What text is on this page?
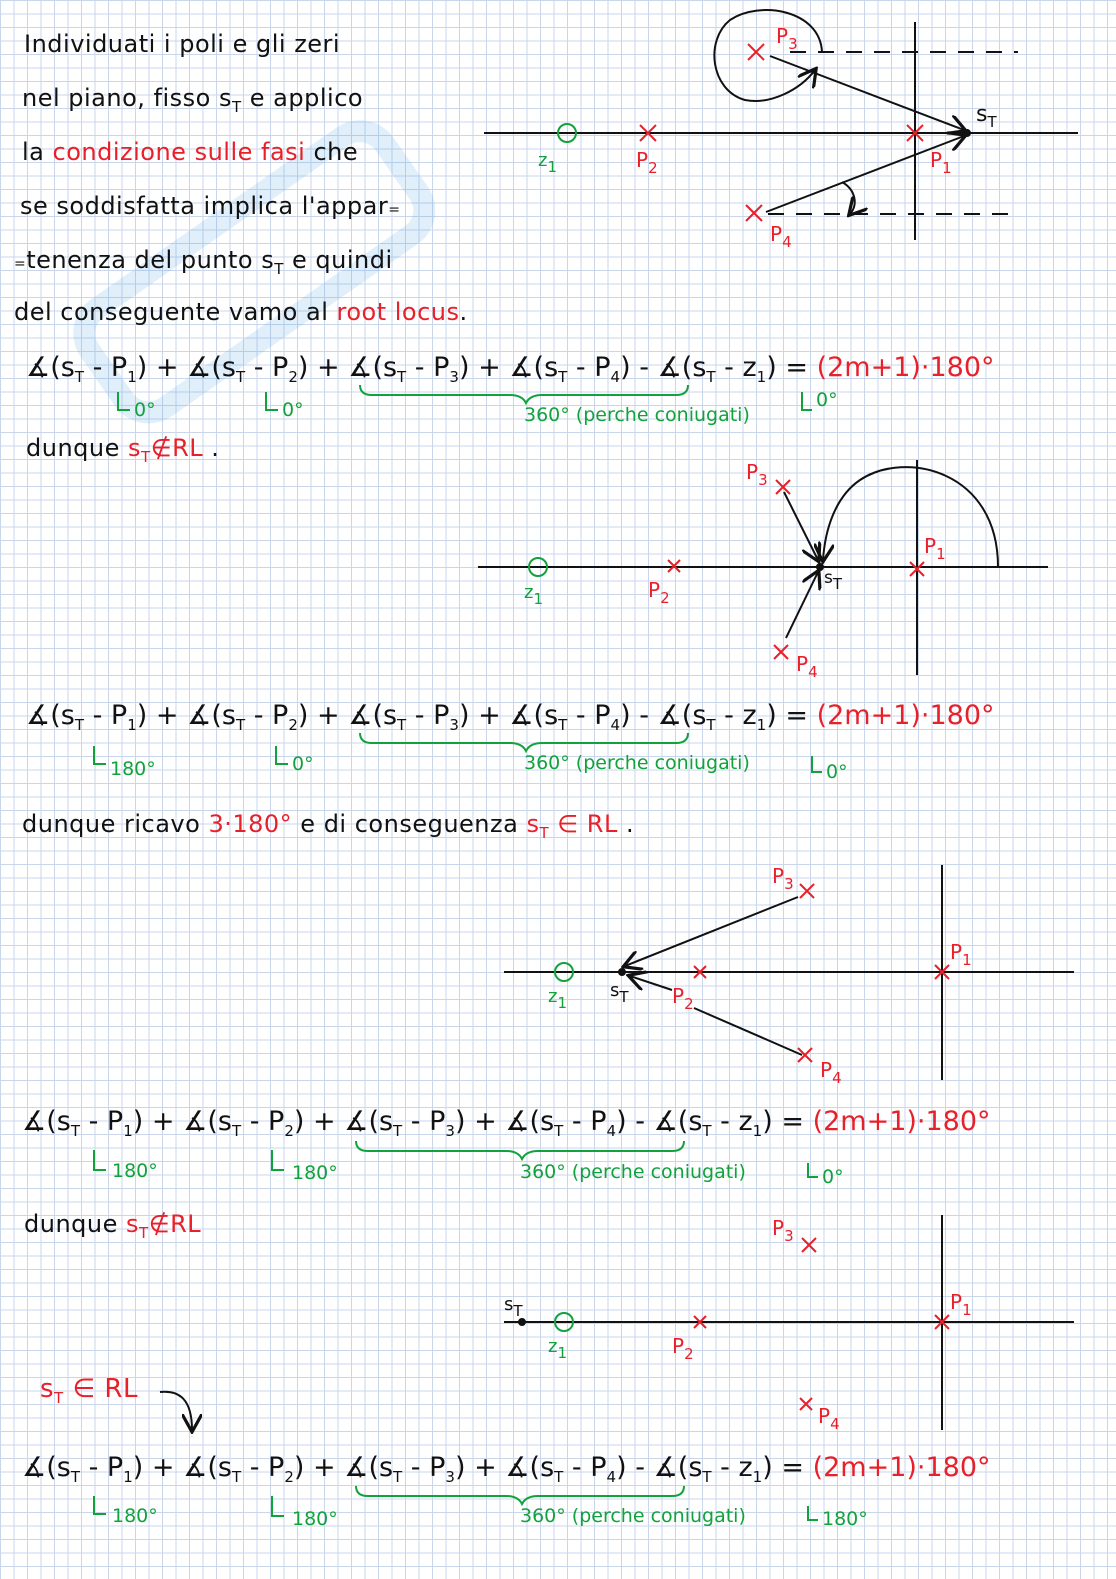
Individuati i poli e gli zeri
nel piano, fisso $s_T$ e applico
la condizione sulle fasi che
se soddisfatta implica l'appar=
=tenenza del punto $s_T$ e quindi
del conseguente vamo al root locus.
$P_3$
$s_T$
$z_1$	$P_2$	$P_1$
$P_4$
$P_3$
$P_1$
sT
$z_1$	$P_2$
$P_4$
$P_3$
$P_1$
$z_1$
$s_T$ $P_2$
$P_4$
$P_3$
$s_T$	$P_1$
$z_1$	$P_2$
$P_4$
$∡(s_T - P_1)$ + $∡(s_T - P_2)$ + $∡(s_T - P_3)$ + $∡(s_T - P_4)$ - $∡(s_T - z_1) = (2m+1)\cdot 180^\circ$
0°	0°	360° (perche coniugati)
0°
dunque $s_T\notin RL$ .
$∡(s_T - P_1)$ + $∡(s_T - P_2)$ + $∡(s_T - P_3)$ + $∡(s_T - P_4)$ - $∡(s_T - z_1) = (2m+1)\cdot 180^\circ$
180°	0°	360° (perche coniugati)	0°
dunque ricavo 3·180° e di conseguenza $s_T$ ∈ RL .
$∡(s_T - P_1)$ + $∡(s_T - P_2)$ + $∡(s_T - P_3)$ + $∡(s_T - P_4)$ - $∡(s_T - z_1) = (2m+1)\cdot 180^\circ$
180°	180°	360° (perche coniugati)	0°
dunque $s_T\notin RL$
$s_T$ ∈ RL
$∡(s_T - P_1)$ + $∡(s_T - P_2)$ + $∡(s_T - P_3)$ + $∡(s_T - P_4)$ - $∡(s_T - z_1) = (2m+1)\cdot 180^\circ$
180°	180°	360° (perche coniugati)	180°
